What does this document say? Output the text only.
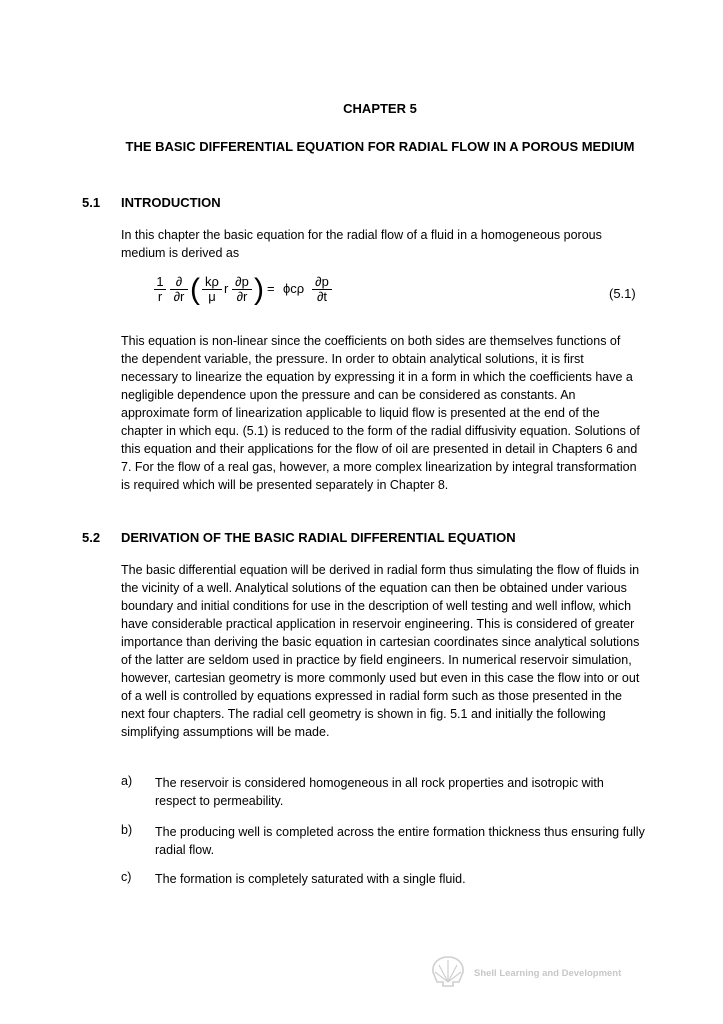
CHAPTER 5
THE BASIC DIFFERENTIAL EQUATION FOR RADIAL FLOW IN A POROUS MEDIUM
5.1 INTRODUCTION
In this chapter the basic equation for the radial flow of a fluid in a homogeneous porous medium is derived as
$\frac{1}{r}$ ∂
∂r ( $\frac{k\rho}{\mu}$ r $\frac{\partial p}{\partial r}$ ) = ϕcρ $\frac{\partial p}{\partial t}$	(5.1)
This equation is non-linear since the coefficients on both sides are themselves functions of the dependent variable, the pressure. In order to obtain analytical solutions, it is first necessary to linearize the equation by expressing it in a form in which the coefficients have a negligible dependence upon the pressure and can be considered as constants. An approximate form of linearization applicable to liquid flow is presented at the end of the chapter in which equ. (5.1) is reduced to the form of the radial diffusivity equation. Solutions of this equation and their applications for the flow of oil are presented in detail in Chapters 6 and 7. For the flow of a real gas, however, a more complex linearization by integral transformation is required which will be presented separately in Chapter 8.
5.2 DERIVATION OF THE BASIC RADIAL DIFFERENTIAL EQUATION
The basic differential equation will be derived in radial form thus simulating the flow of fluids in the vicinity of a well. Analytical solutions of the equation can then be obtained under various boundary and initial conditions for use in the description of well testing and well inflow, which have considerable practical application in reservoir engineering. This is considered of greater importance than deriving the basic equation in cartesian coordinates since analytical solutions of the latter are seldom used in practice by field engineers. In numerical reservoir simulation, however, cartesian geometry is more commonly used but even in this case the flow into or out of a well is controlled by equations expressed in radial form such as those presented in the next four chapters. The radial cell geometry is shown in fig. 5.1 and initially the following simplifying assumptions will be made.
a) The reservoir is considered homogeneous in all rock properties and isotropic with respect to permeability.
b) The producing well is completed across the entire formation thickness thus ensuring fully radial flow.
c) The formation is completely saturated with a single fluid.
Shell Learning and Development
